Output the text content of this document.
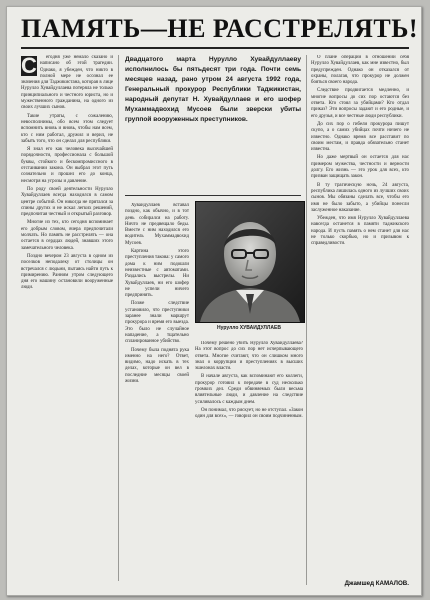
ПАМЯТЬ—НЕ РАССТРЕЛЯТЬ!
С	егодня уже немало сказано и написано об этой трагедии. Однако, я убежден, что никто в полной мере не осознал ее значения для Таджикистана, которая в лице Нурулло Хувайдуллаева потеряла не только принципиального и честного юриста, но и мужественного гражданина, на одного из своих лучших сынов.

Такие утраты, с сожалению, невосполнимы, обо всем этом следует вспомнить вновь и вновь, чтобы нам всем, кто с ним работал, дружил и верил, не забыть того, что он сделал для республики.

Я знал его как человека высочайшей порядочности, профессионала с большой буквы, стойкого и бескомпромиссного в отстаивании закона. Он выбрал этот путь сознательно и прошел его до конца, несмотря на угрозы и давление.

По роду своей деятельности Нурулло Хувайдуллаев всегда находился в самом центре событий. Он никогда не прятался за спины других и не искал легких решений, предпочитая честный и открытый разговор.

Многие из тех, кто сегодня вспоминает его добрым словом, вчера предпочитали молчать. Но память не расстрелять — она остается в сердцах людей, знавших этого замечательного человека.

Поздно вечером 23 августа в одном из поселков неподалеку от столицы он встречался с людьми, пытаясь найти путь к примирению. Ранним утром следующего дня его машину остановили вооруженные люди.

Двадцатого марта Нурулло Хувайдуллаеву исполнилось бы пятьдесят три года. Почти семь месяцев назад, рано утром 24 августа 1992 года, Генеральный прокурор Республики Таджикистан, народный депутат Н. Хувайдуллаев и его шофер Мухаммадвохид Мусоев были зверски убиты группой вооруженных преступников.

Хувайдуллаев вставал поздно, как обычно, и в тот день собирался на работу. Ничто не предвещало беды. Вместе с ним находился его водитель Мухаммадвохид Мусоев.

Картина этого преступления такова: у самого дома к ним подошли неизвестные с автоматами. Раздались выстрелы. Ни Хувайдуллаев, ни его шофер не успели ничего предпринять.

Позже следствие установило, что преступники заранее знали маршрут прокурора и время его выезда. Это было не случайное нападение, а тщательно спланированное убийство.

Почему была поднята рука именно на него? Ответ, видимо, надо искать в тех делах, которые он вел в последние месяцы своей жизни.

Нурулло ХУВАЙДУЛЛАЕВ

Почему решено убить Нурулло Хувайдуллаева? На этот вопрос до сих пор нет исчерпывающего ответа. Многие считают, что он слишком много знал о коррупции и преступлениях в высших эшелонах власти.

В начале августа, как вспоминают его коллеги, прокурор готовил к передаче в суд несколько громких дел. Среди обвиняемых были весьма влиятельные люди, и давление на следствие усиливалось с каждым днем.

Он понимал, что рискует, но не отступал. «Закон один для всех», — говорил он своим подчиненным.

О плане операции в отношении себя Нурулло Хувайдуллаев, как мне известно, был предупрежден. Однако он отказался от охраны, полагая, что прокурор не должен бояться своего народа.

Следствие продвигается медленно, и многие вопросы до сих пор остаются без ответа. Кто стоял за убийцами? Кто отдал приказ? Эти вопросы задают и его родные, и его друзья, и все честные люди республики.

До сих пор о гибели прокурора пишут скупо, а о самих убийцах почти ничего не известно. Однако время все расставит по своим местам, и правда обязательно станет известна.

Но даже мертвый он остается для нас примером мужества, честности и верности долгу. Его жизнь — это урок для всех, кто призван защищать закон.

В ту трагическую ночь, 24 августа, республика лишилась одного из лучших своих сынов. Мы обязаны сделать все, чтобы его имя не было забыто, а убийцы понесли заслуженное наказание.

Убежден, что имя Нурулло Хувайдуллаева навсегда останется в памяти таджикского народа. И пусть память о нем станет для нас не только скорбью, но и призывом к справедливости.

Джамшед КАМАЛОВ.
